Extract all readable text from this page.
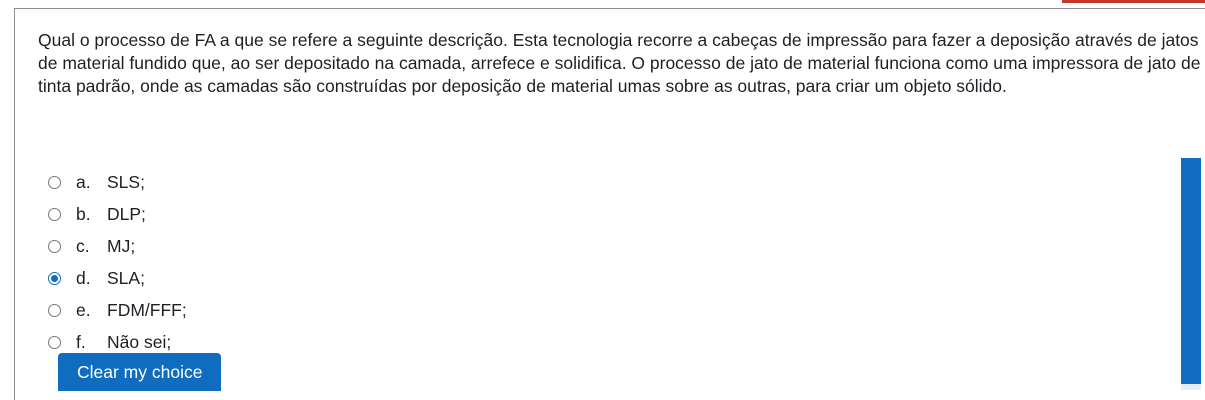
Qual o processo de FA a que se refere a seguinte descrição. Esta tecnologia recorre a cabeças de impressão para fazer a deposição através de jatos de material fundido que, ao ser depositado na camada, arrefece e solidifica. O processo de jato de material funciona como uma impressora de jato de tinta padrão, onde as camadas são construídas por deposição de material umas sobre as outras, para criar um objeto sólido.

a. SLS;
b. DLP;
c. MJ;
d. SLA;
e. FDM/FFF;
f.	Não sei;
Clear my choice
